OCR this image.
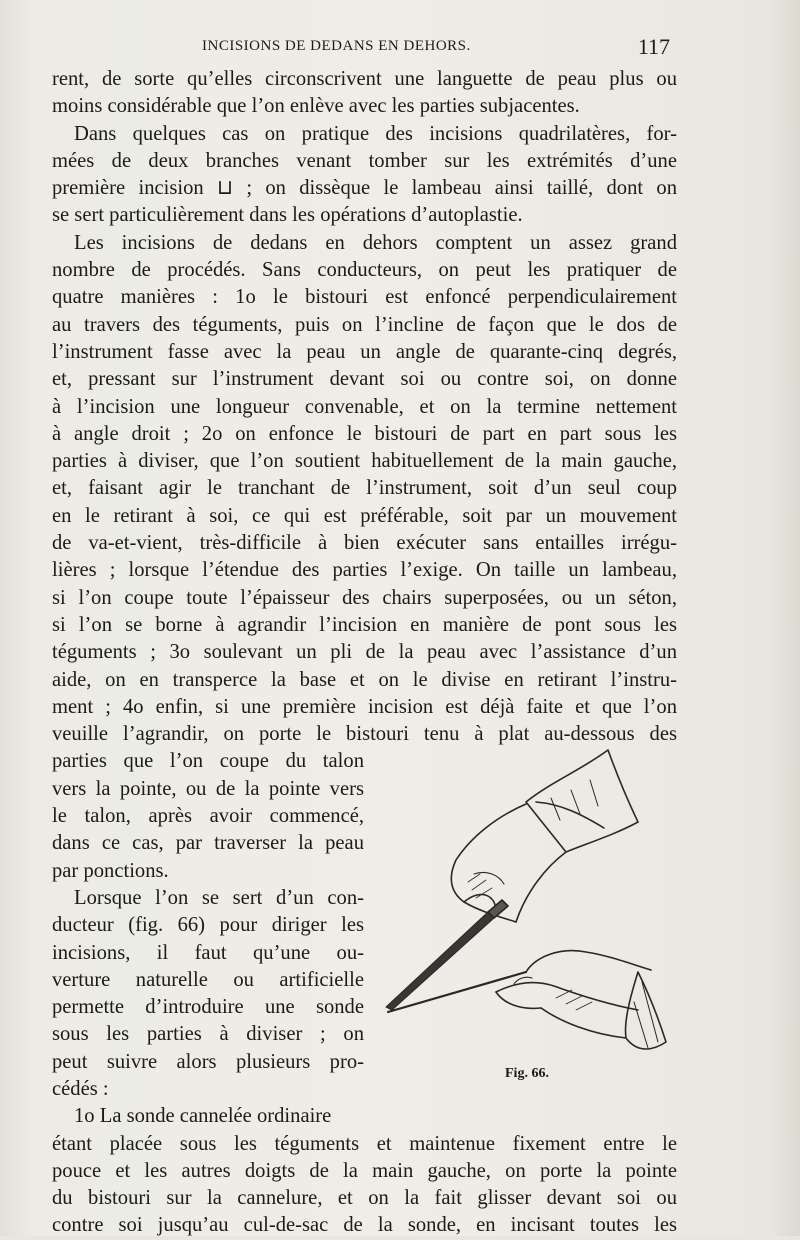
INCISIONS DE DEDANS EN DEHORS.	117
rent, de sorte qu’elles circonscrivent une languette de peau plus ou
moins considérable que l’on enlève avec les parties subjacentes.
Dans quelques cas on pratique des incisions quadrilatères, for-
mées de deux branches venant tomber sur les extrémités d’une
première incision ⊔ ; on dissèque le lambeau ainsi taillé, dont on
se sert particulièrement dans les opérations d’autoplastie.
Les incisions de dedans en dehors comptent un assez grand
nombre de procédés. Sans conducteurs, on peut les pratiquer de
quatre manières : 1o le bistouri est enfoncé perpendiculairement
au travers des téguments, puis on l’incline de façon que le dos de
l’instrument fasse avec la peau un angle de quarante-cinq degrés,
et, pressant sur l’instrument devant soi ou contre soi, on donne
à l’incision une longueur convenable, et on la termine nettement
à angle droit ; 2o on enfonce le bistouri de part en part sous les
parties à diviser, que l’on soutient habituellement de la main gauche,
et, faisant agir le tranchant de l’instrument, soit d’un seul coup
en le retirant à soi, ce qui est préférable, soit par un mouvement
de va-et-vient, très-difficile à bien exécuter sans entailles irrégu-
lières ; lorsque l’étendue des parties l’exige. On taille un lambeau,
si l’on coupe toute l’épaisseur des chairs superposées, ou un séton,
si l’on se borne à agrandir l’incision en manière de pont sous les
téguments ; 3o soulevant un pli de la peau avec l’assistance d’un
aide, on en transperce la base et on le divise en retirant l’instru-
ment ; 4o enfin, si une première incision est déjà faite et que l’on
veuille l’agrandir, on porte le bistouri tenu à plat au-dessous des
parties que l’on coupe du talon
vers la pointe, ou de la pointe vers
le talon, après avoir commencé,
dans ce cas, par traverser la peau
par ponctions.
Lorsque l’on se sert d’un con-
ducteur (fig. 66) pour diriger les
incisions, il faut qu’une ou-
verture naturelle ou artificielle
permette d’introduire une sonde
sous les parties à diviser ; on
peut suivre alors plusieurs pro-
cédés :
1o La sonde cannelée ordinaire
étant placée sous les téguments et maintenue fixement entre le
pouce et les autres doigts de la main gauche, on porte la pointe
du bistouri sur la cannelure, et on la fait glisser devant soi ou
contre soi jusqu’au cul-de-sac de la sonde, en incisant toutes les
Fig. 66.
